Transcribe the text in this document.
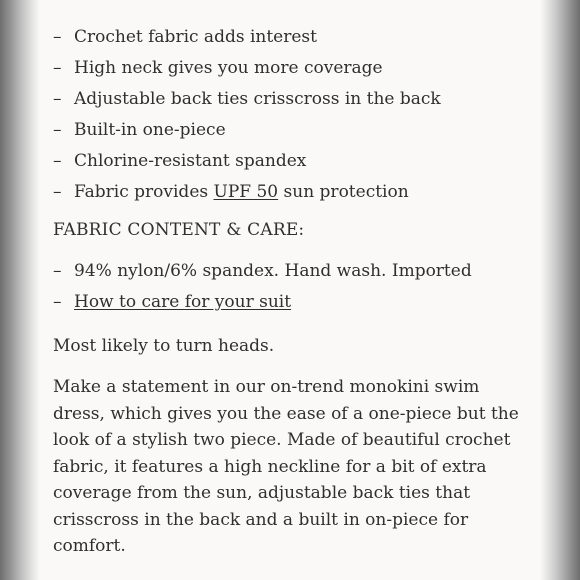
– Crochet fabric adds interest
– High neck gives you more coverage
– Adjustable back ties crisscross in the back
– Built-in one-piece
– Chlorine-resistant spandex
– Fabric provides UPF 50 sun protection
FABRIC CONTENT & CARE:
– 94% nylon/6% spandex. Hand wash. Imported
– How to care for your suit
Most likely to turn heads.
Make a statement in our on-trend monokini swim dress, which gives you the ease of a one-piece but the look of a stylish two piece. Made of beautiful crochet fabric, it features a high neckline for a bit of extra coverage from the sun, adjustable back ties that crisscross in the back and a built in on-piece for comfort.
